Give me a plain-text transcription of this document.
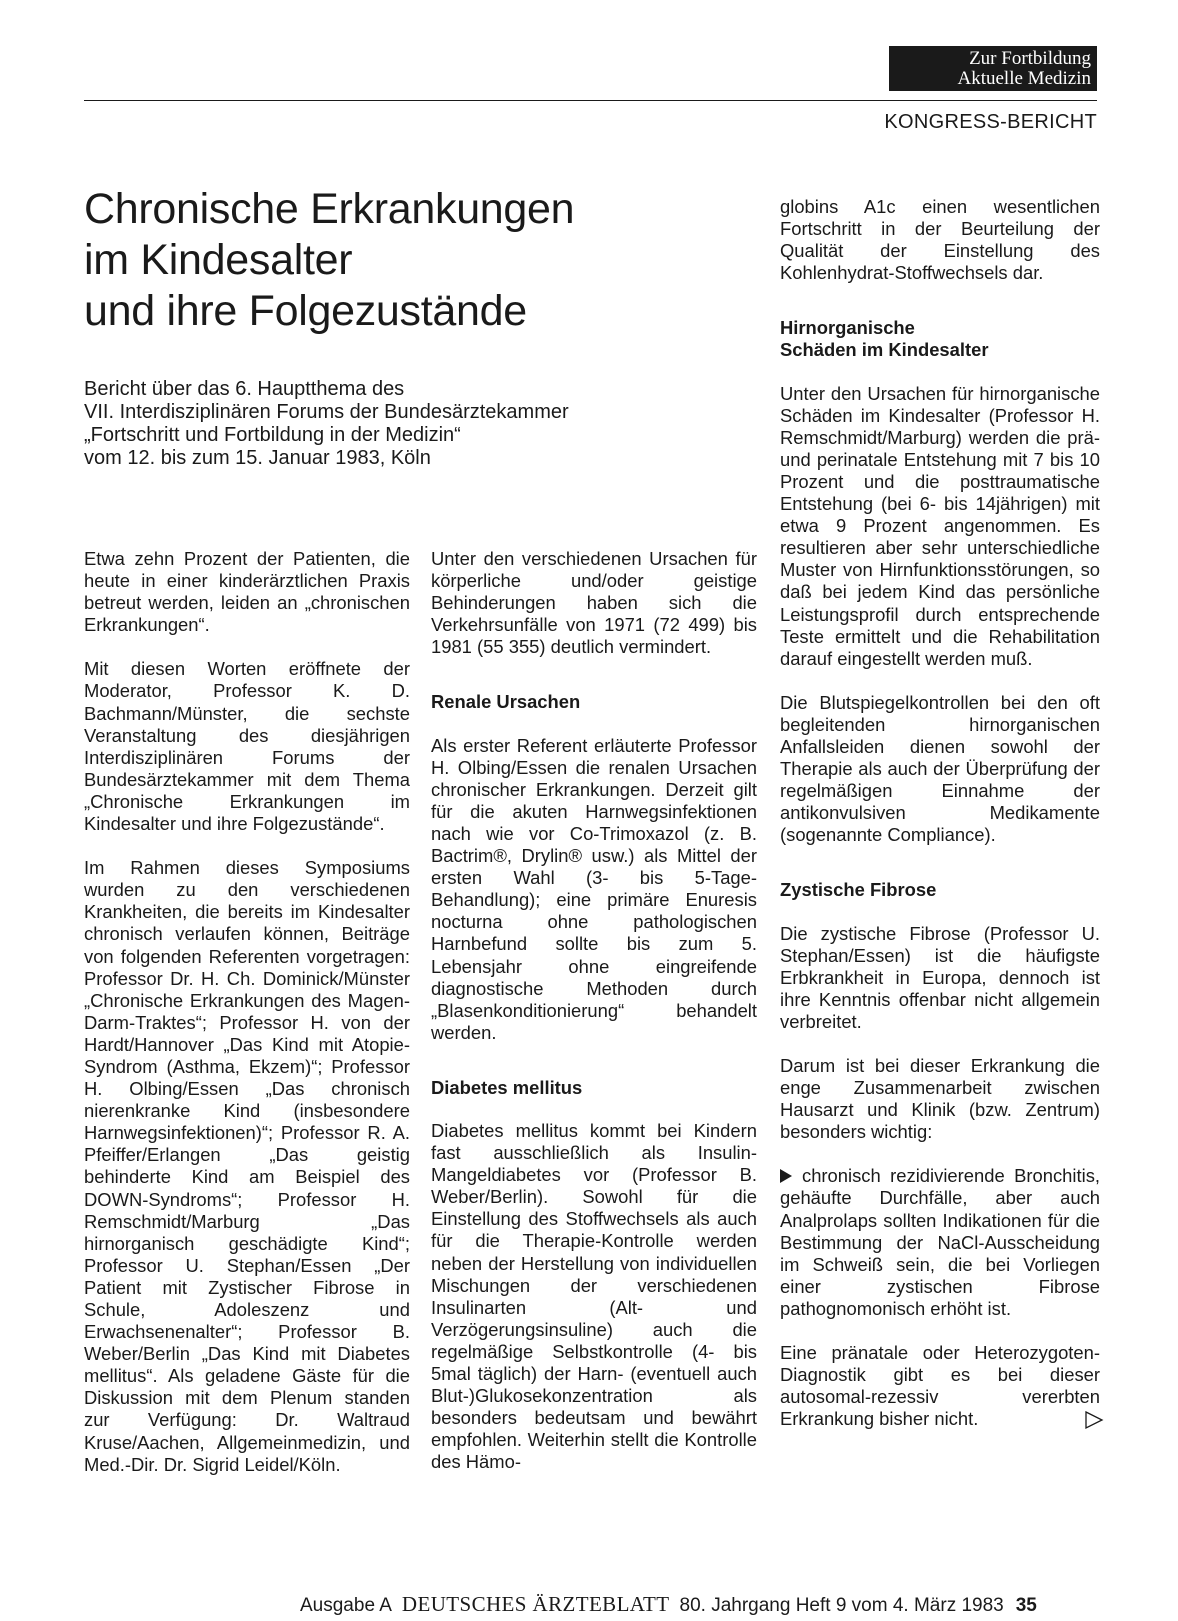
Zur Fortbildung
Aktuelle Medizin
KONGRESS-BERICHT
Chronische Erkrankungen
im Kindesalter
und ihre Folgezustände
Bericht über das 6. Hauptthema des
VII. Interdisziplinären Forums der Bundesärztekammer
„Fortschritt und Fortbildung in der Medizin“
vom 12. bis zum 15. Januar 1983, Köln

Etwa zehn Prozent der Patienten, die heute in einer kinderärztlichen Praxis betreut werden, leiden an „chronischen Erkrankungen“.

Mit diesen Worten eröffnete der Moderator, Professor K. D. Bachmann/Münster, die sechste Veranstaltung des diesjährigen Interdisziplinären Forums der Bundesärztekammer mit dem Thema „Chronische Erkrankungen im Kindesalter und ihre Folgezustände“.

Im Rahmen dieses Symposiums wurden zu den verschiedenen Krankheiten, die bereits im Kindesalter chronisch verlaufen können, Beiträge von folgenden Referenten vorgetragen: Professor Dr. H. Ch. Dominick/Münster „Chronische Erkrankungen des Magen-Darm-Traktes“; Professor H. von der Hardt/Hannover „Das Kind mit Atopie-Syndrom (Asthma, Ekzem)“; Professor H. Olbing/Essen „Das chronisch nierenkranke Kind (insbesondere Harnwegsinfektionen)“; Professor R. A. Pfeiffer/Erlangen „Das geistig behinderte Kind am Beispiel des DOWN-Syndroms“; Professor H. Remschmidt/Marburg „Das hirnorganisch geschädigte Kind“; Professor U. Stephan/Essen „Der Patient mit Zystischer Fibrose in Schule, Adoleszenz und Erwachsenenalter“; Professor B. Weber/Berlin „Das Kind mit Diabetes mellitus“. Als geladene Gäste für die Diskussion mit dem Plenum standen zur Verfügung: Dr. Waltraud Kruse/Aachen, Allgemeinmedizin, und Med.-Dir. Dr. Sigrid Leidel/Köln.

Unter den verschiedenen Ursachen für körperliche und/oder geistige Behinderungen haben sich die Verkehrsunfälle von 1971 (72 499) bis 1981 (55 355) deutlich vermindert.

Renale Ursachen

Als erster Referent erläuterte Professor H. Olbing/Essen die renalen Ursachen chronischer Erkrankungen. Derzeit gilt für die akuten Harnwegsinfektionen nach wie vor Co-Trimoxazol (z. B. Bactrim®, Drylin® usw.) als Mittel der ersten Wahl (3- bis 5-Tage-Behandlung); eine primäre Enuresis nocturna ohne pathologischen Harnbefund sollte bis zum 5. Lebensjahr ohne eingreifende diagnostische Methoden durch „Blasenkonditionierung“ behandelt werden.

Diabetes mellitus

Diabetes mellitus kommt bei Kindern fast ausschließlich als Insulin-Mangeldiabetes vor (Professor B. Weber/Berlin). Sowohl für die Einstellung des Stoffwechsels als auch für die Therapie-Kontrolle werden neben der Herstellung von individuellen Mischungen der verschiedenen Insulinarten (Alt- und Verzögerungsinsuline) auch die regelmäßige Selbstkontrolle (4- bis 5mal täglich) der Harn- (eventuell auch Blut-)Glukosekonzentration als besonders bedeutsam und bewährt empfohlen. Weiterhin stellt die Kontrolle des Hämo-

globins A1c einen wesentlichen Fortschritt in der Beurteilung der Qualität der Einstellung des Kohlenhydrat-Stoffwechsels dar.

Hirnorganische
Schäden im Kindesalter

Unter den Ursachen für hirnorganische Schäden im Kindesalter (Professor H. Remschmidt/Marburg) werden die prä- und perinatale Entstehung mit 7 bis 10 Prozent und die posttraumatische Entstehung (bei 6- bis 14jährigen) mit etwa 9 Prozent angenommen. Es resultieren aber sehr unterschiedliche Muster von Hirnfunktionsstörungen, so daß bei jedem Kind das persönliche Leistungsprofil durch entsprechende Teste ermittelt und die Rehabilitation darauf eingestellt werden muß.

Die Blutspiegelkontrollen bei den oft begleitenden hirnorganischen Anfallsleiden dienen sowohl der Therapie als auch der Überprüfung der regelmäßigen Einnahme der antikonvulsiven Medikamente (sogenannte Compliance).

Zystische Fibrose

Die zystische Fibrose (Professor U. Stephan/Essen) ist die häufigste Erbkrankheit in Europa, dennoch ist ihre Kenntnis offenbar nicht allgemein verbreitet.

Darum ist bei dieser Erkrankung die enge Zusammenarbeit zwischen Hausarzt und Klinik (bzw. Zentrum) besonders wichtig:

chronisch rezidivierende Bronchitis, gehäufte Durchfälle, aber auch Analprolaps sollten Indikationen für die Bestimmung der NaCl-Ausscheidung im Schweiß sein, die bei Vorliegen einer zystischen Fibrose pathognomonisch erhöht ist.

Eine pränatale oder Heterozygoten-Diagnostik gibt es bei dieser autosomal-rezessiv vererbten Erkrankung bisher nicht.

Ausgabe A DEUTSCHES ÄRZTEBLATT 80. Jahrgang Heft 9 vom 4. März 1983 35
